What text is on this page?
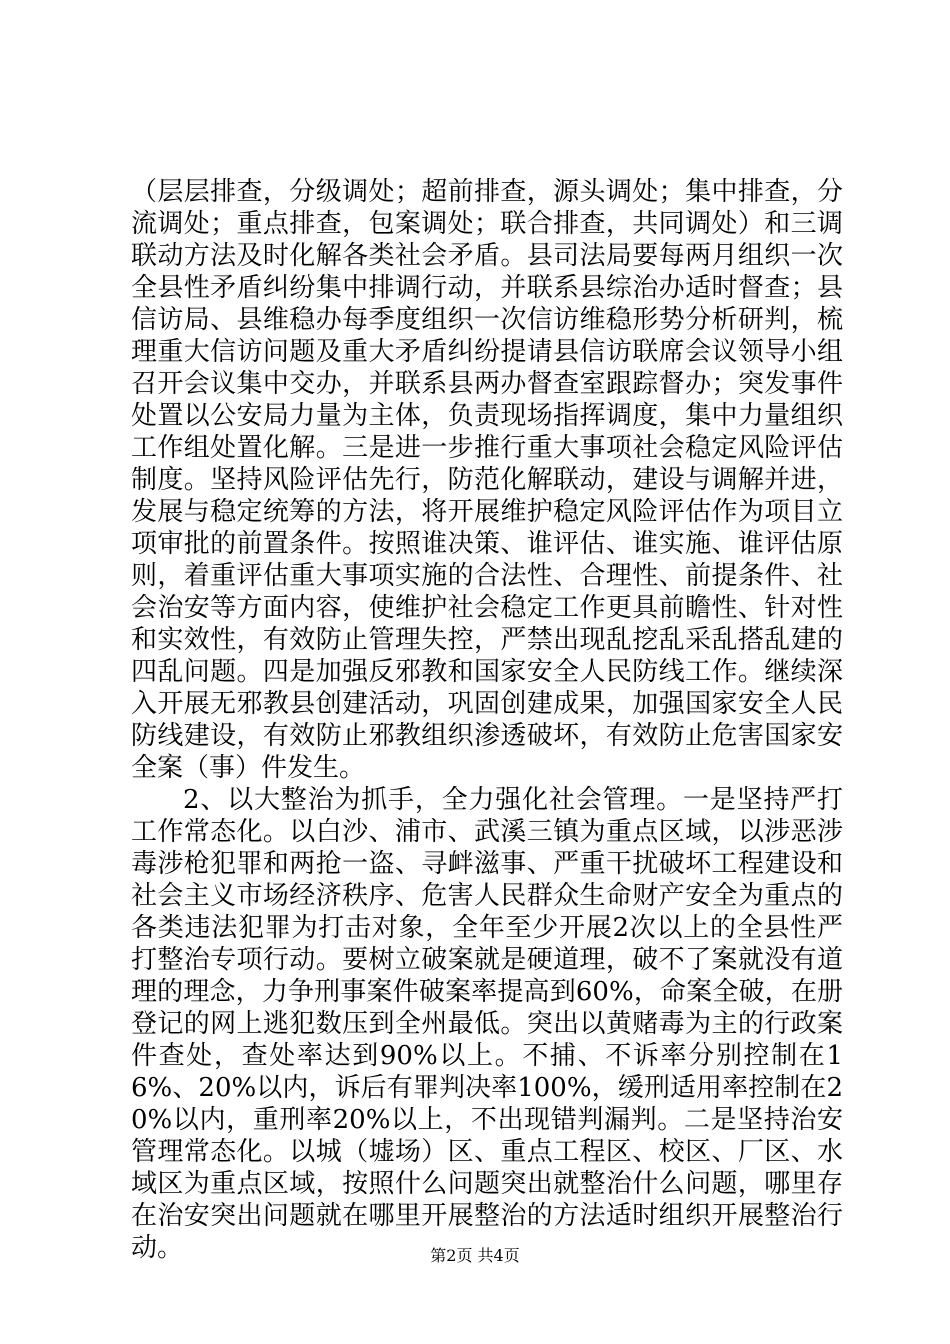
（层层排查，分级调处；超前排查，源头调处；集中排查，分流调处；重点排查，包案调处；联合排查，共同调处）和三调联动方法及时化解各类社会矛盾。县司法局要每两月组织一次全县性矛盾纠纷集中排调行动，并联系县综治办适时督查；县信访局、县维稳办每季度组织一次信访维稳形势分析研判，梳理重大信访问题及重大矛盾纠纷提请县信访联席会议领导小组召开会议集中交办，并联系县两办督查室跟踪督办；突发事件处置以公安局力量为主体，负责现场指挥调度，集中力量组织工作组处置化解。三是进一步推行重大事项社会稳定风险评估制度。坚持风险评估先行，防范化解联动，建设与调解并进，发展与稳定统筹的方法，将开展维护稳定风险评估作为项目立项审批的前置条件。按照谁决策、谁评估、谁实施、谁评估原则，着重评估重大事项实施的合法性、合理性、前提条件、社会治安等方面内容，使维护社会稳定工作更具前瞻性、针对性和实效性，有效防止管理失控，严禁出现乱挖乱采乱搭乱建的四乱问题。四是加强反邪教和国家安全人民防线工作。继续深入开展无邪教县创建活动，巩固创建成果，加强国家安全人民防线建设，有效防止邪教组织渗透破坏，有效防止危害国家安全案（事）件发生。

2、以大整治为抓手，全力强化社会管理。一是坚持严打工作常态化。以白沙、浦市、武溪三镇为重点区域，以涉恶涉毒涉枪犯罪和两抢一盗、寻衅滋事、严重干扰破坏工程建设和社会主义市场经济秩序、危害人民群众生命财产安全为重点的各类违法犯罪为打击对象，全年至少开展2次以上的全县性严打整治专项行动。要树立破案就是硬道理，破不了案就没有道理的理念，力争刑事案件破案率提高到60%，命案全破，在册登记的网上逃犯数压到全州最低。突出以黄赌毒为主的行政案件查处，查处率达到90%以上。不捕、不诉率分别控制在16%、20%以内，诉后有罪判决率100%，缓刑适用率控制在20%以内，重刑率20%以上，不出现错判漏判。二是坚持治安管理常态化。以城（墟场）区、重点工程区、校区、厂区、水域区为重点区域，按照什么问题突出就整治什么问题，哪里存在治安突出问题就在哪里开展整治的方法适时组织开展整治行动。	第2页 共4页
